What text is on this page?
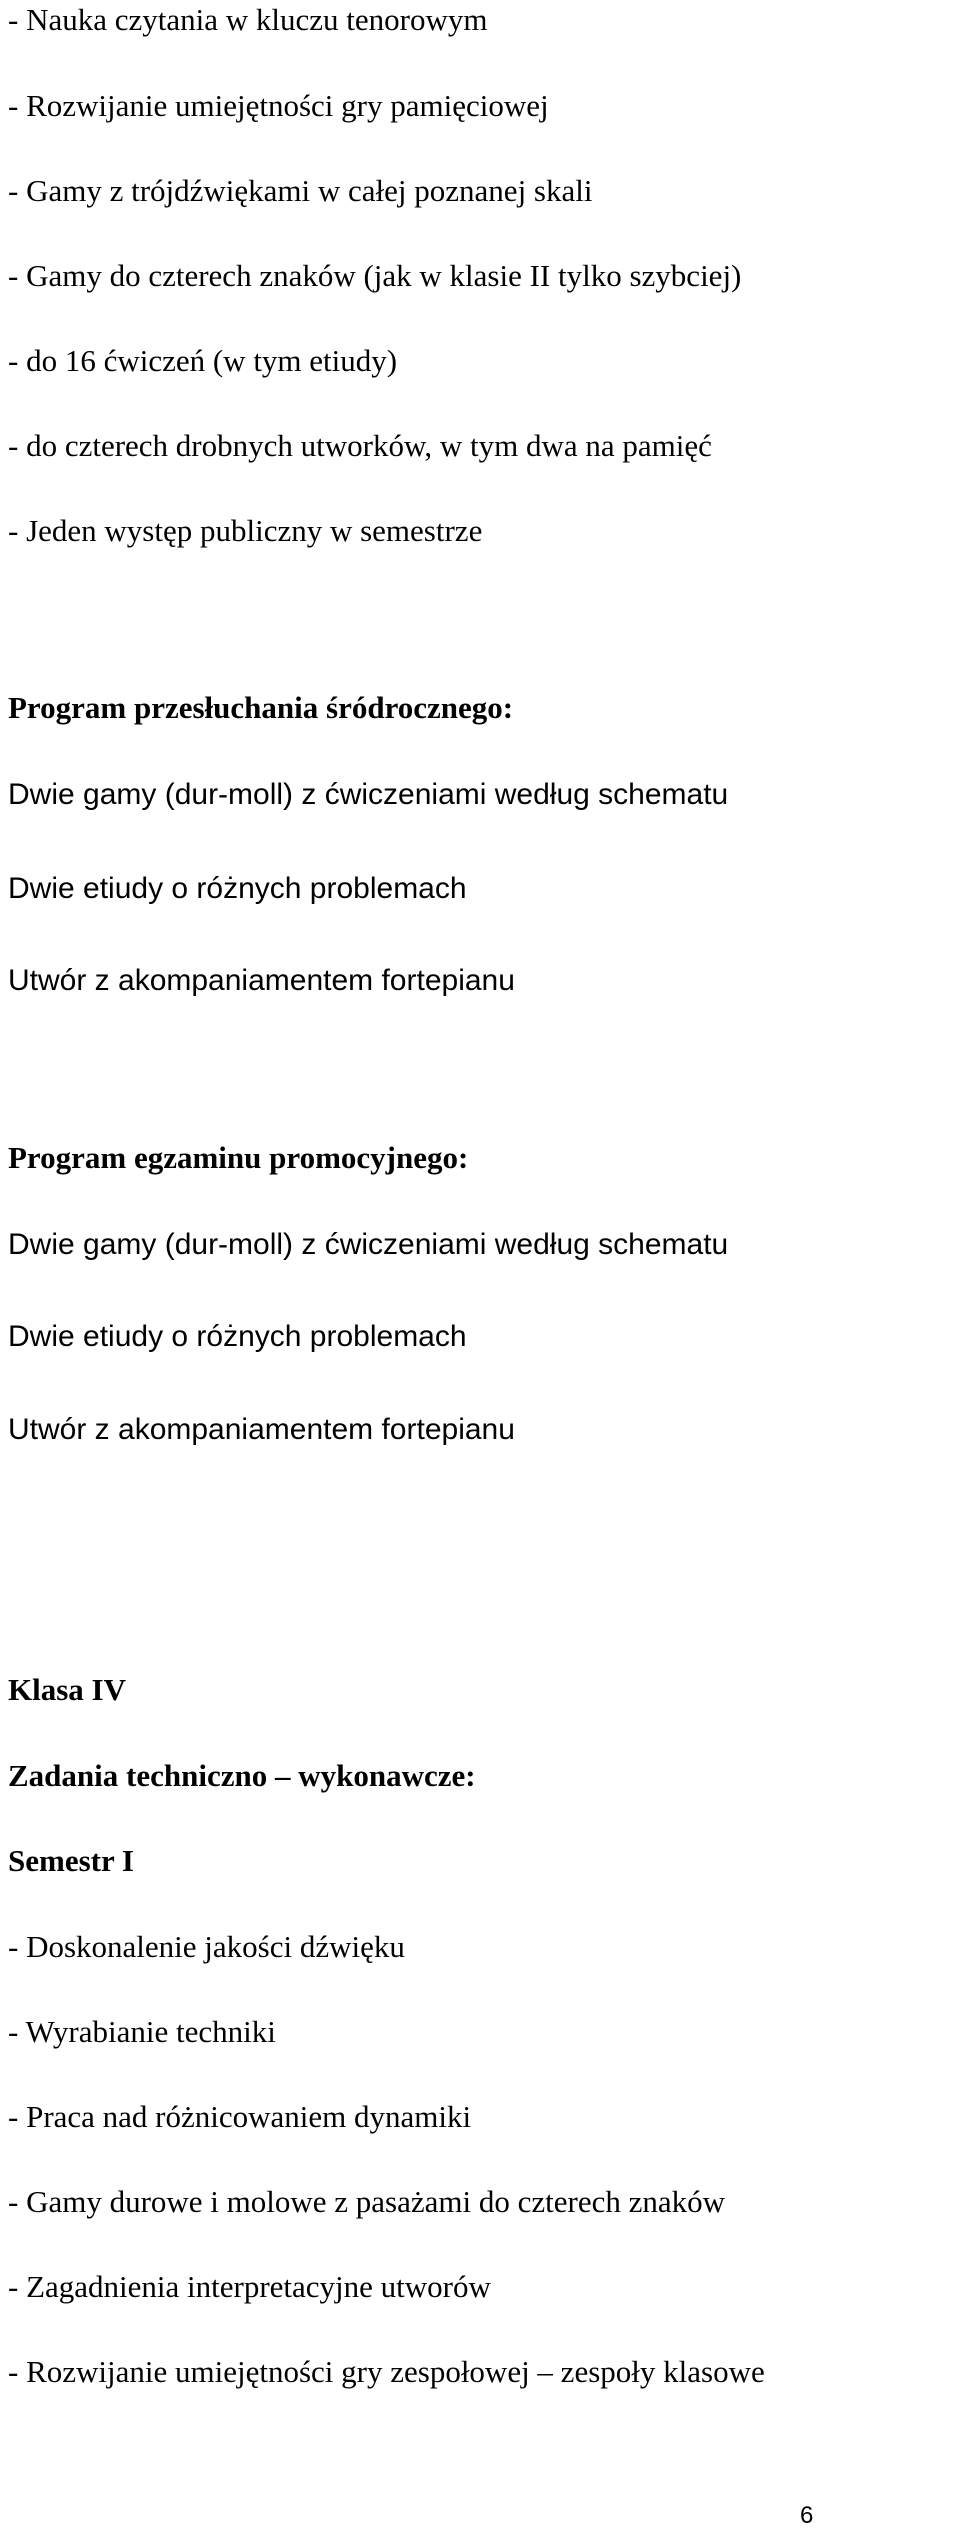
- Nauka czytania w kluczu tenorowym
- Rozwijanie umiejętności gry pamięciowej
- Gamy z trójdźwiękami w całej poznanej skali
- Gamy do czterech znaków (jak w klasie II tylko szybciej)
- do 16 ćwiczeń (w tym etiudy)
- do czterech drobnych utworków, w tym dwa na pamięć
- Jeden występ publiczny w semestrze
Program przesłuchania śródrocznego:
Dwie gamy (dur-moll) z ćwiczeniami według schematu
Dwie etiudy o różnych problemach
Utwór z akompaniamentem fortepianu
Program egzaminu promocyjnego:
Dwie gamy (dur-moll) z ćwiczeniami według schematu
Dwie etiudy o różnych problemach
Utwór z akompaniamentem fortepianu
Klasa IV
Zadania techniczno – wykonawcze:
Semestr I
- Doskonalenie jakości dźwięku
- Wyrabianie techniki
- Praca nad różnicowaniem dynamiki
- Gamy durowe i molowe z pasażami do czterech znaków
- Zagadnienia interpretacyjne utworów
- Rozwijanie umiejętności gry zespołowej – zespoły klasowe
6
